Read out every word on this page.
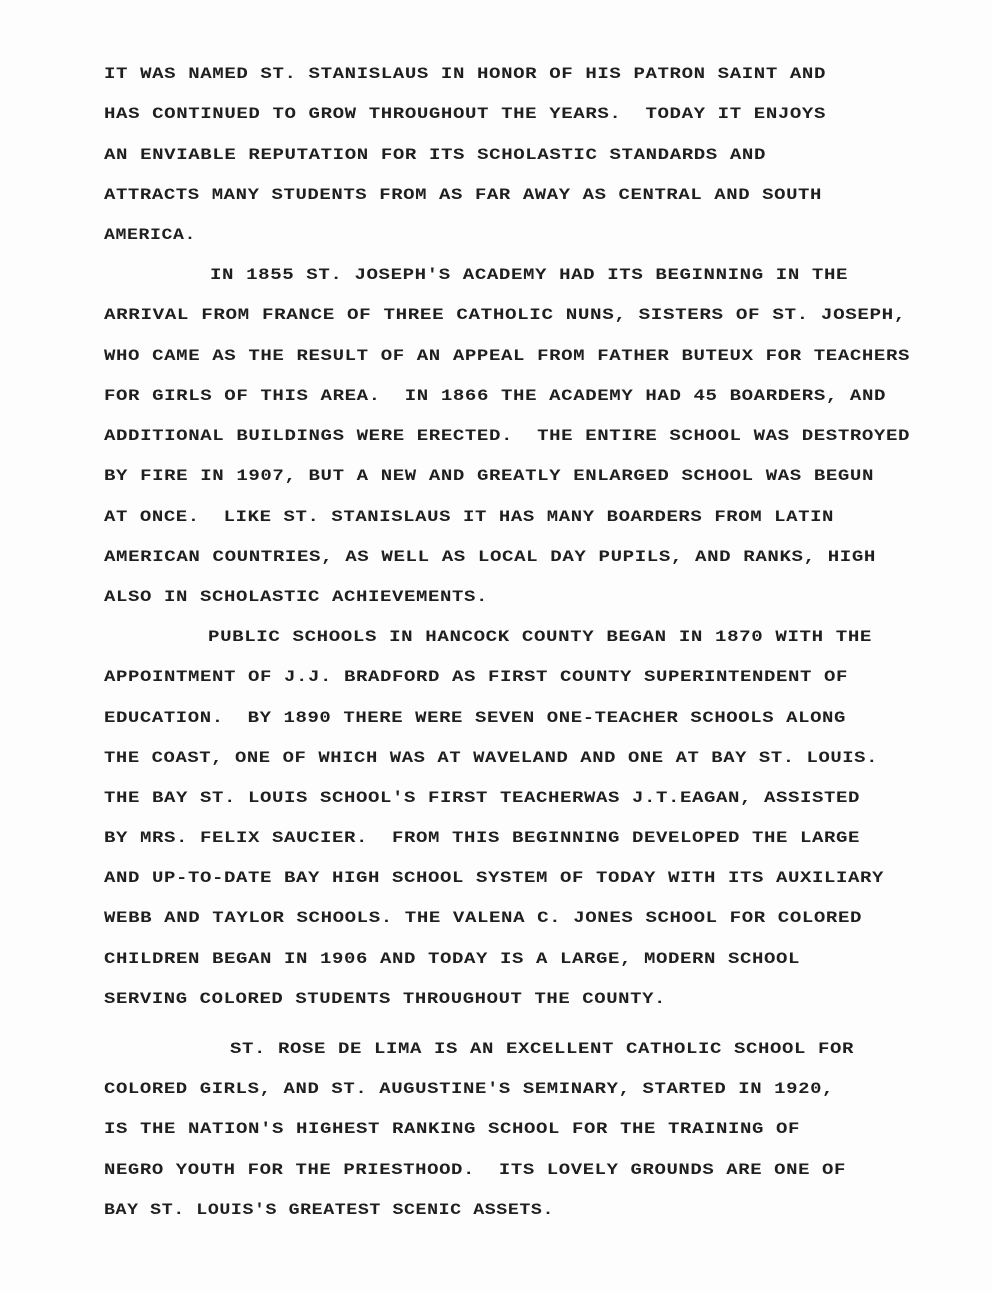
IT WAS NAMED ST. STANISLAUS IN HONOR OF HIS PATRON SAINT AND
HAS CONTINUED TO GROW THROUGHOUT THE YEARS.  TODAY IT ENJOYS
AN ENVIABLE REPUTATION FOR ITS SCHOLASTIC STANDARDS AND
ATTRACTS MANY STUDENTS FROM AS FAR AWAY AS CENTRAL AND SOUTH
AMERICA.
IN 1855 ST. JOSEPH'S ACADEMY HAD ITS BEGINNING IN THE
ARRIVAL FROM FRANCE OF THREE CATHOLIC NUNS, SISTERS OF ST. JOSEPH,
WHO CAME AS THE RESULT OF AN APPEAL FROM FATHER BUTEUX FOR TEACHERS
FOR GIRLS OF THIS AREA.  IN 1866 THE ACADEMY HAD 45 BOARDERS, AND
ADDITIONAL BUILDINGS WERE ERECTED.  THE ENTIRE SCHOOL WAS DESTROYED
BY FIRE IN 1907, BUT A NEW AND GREATLY ENLARGED SCHOOL WAS BEGUN
AT ONCE.  LIKE ST. STANISLAUS IT HAS MANY BOARDERS FROM LATIN
AMERICAN COUNTRIES, AS WELL AS LOCAL DAY PUPILS, AND RANKS, HIGH
ALSO IN SCHOLASTIC ACHIEVEMENTS.
PUBLIC SCHOOLS IN HANCOCK COUNTY BEGAN IN 1870 WITH THE
APPOINTMENT OF J.J. BRADFORD AS FIRST COUNTY SUPERINTENDENT OF
EDUCATION.  BY 1890 THERE WERE SEVEN ONE-TEACHER SCHOOLS ALONG
THE COAST, ONE OF WHICH WAS AT WAVELAND AND ONE AT BAY ST. LOUIS.
THE BAY ST. LOUIS SCHOOL'S FIRST TEACHERWAS J.T.EAGAN, ASSISTED
BY MRS. FELIX SAUCIER.  FROM THIS BEGINNING DEVELOPED THE LARGE
AND UP-TO-DATE BAY HIGH SCHOOL SYSTEM OF TODAY WITH ITS AUXILIARY
WEBB AND TAYLOR SCHOOLS. THE VALENA C. JONES SCHOOL FOR COLORED
CHILDREN BEGAN IN 1906 AND TODAY IS A LARGE, MODERN SCHOOL
SERVING COLORED STUDENTS THROUGHOUT THE COUNTY.
ST. ROSE DE LIMA IS AN EXCELLENT CATHOLIC SCHOOL FOR
COLORED GIRLS, AND ST. AUGUSTINE'S SEMINARY, STARTED IN 1920,
IS THE NATION'S HIGHEST RANKING SCHOOL FOR THE TRAINING OF
NEGRO YOUTH FOR THE PRIESTHOOD.  ITS LOVELY GROUNDS ARE ONE OF
BAY ST. LOUIS'S GREATEST SCENIC ASSETS.
